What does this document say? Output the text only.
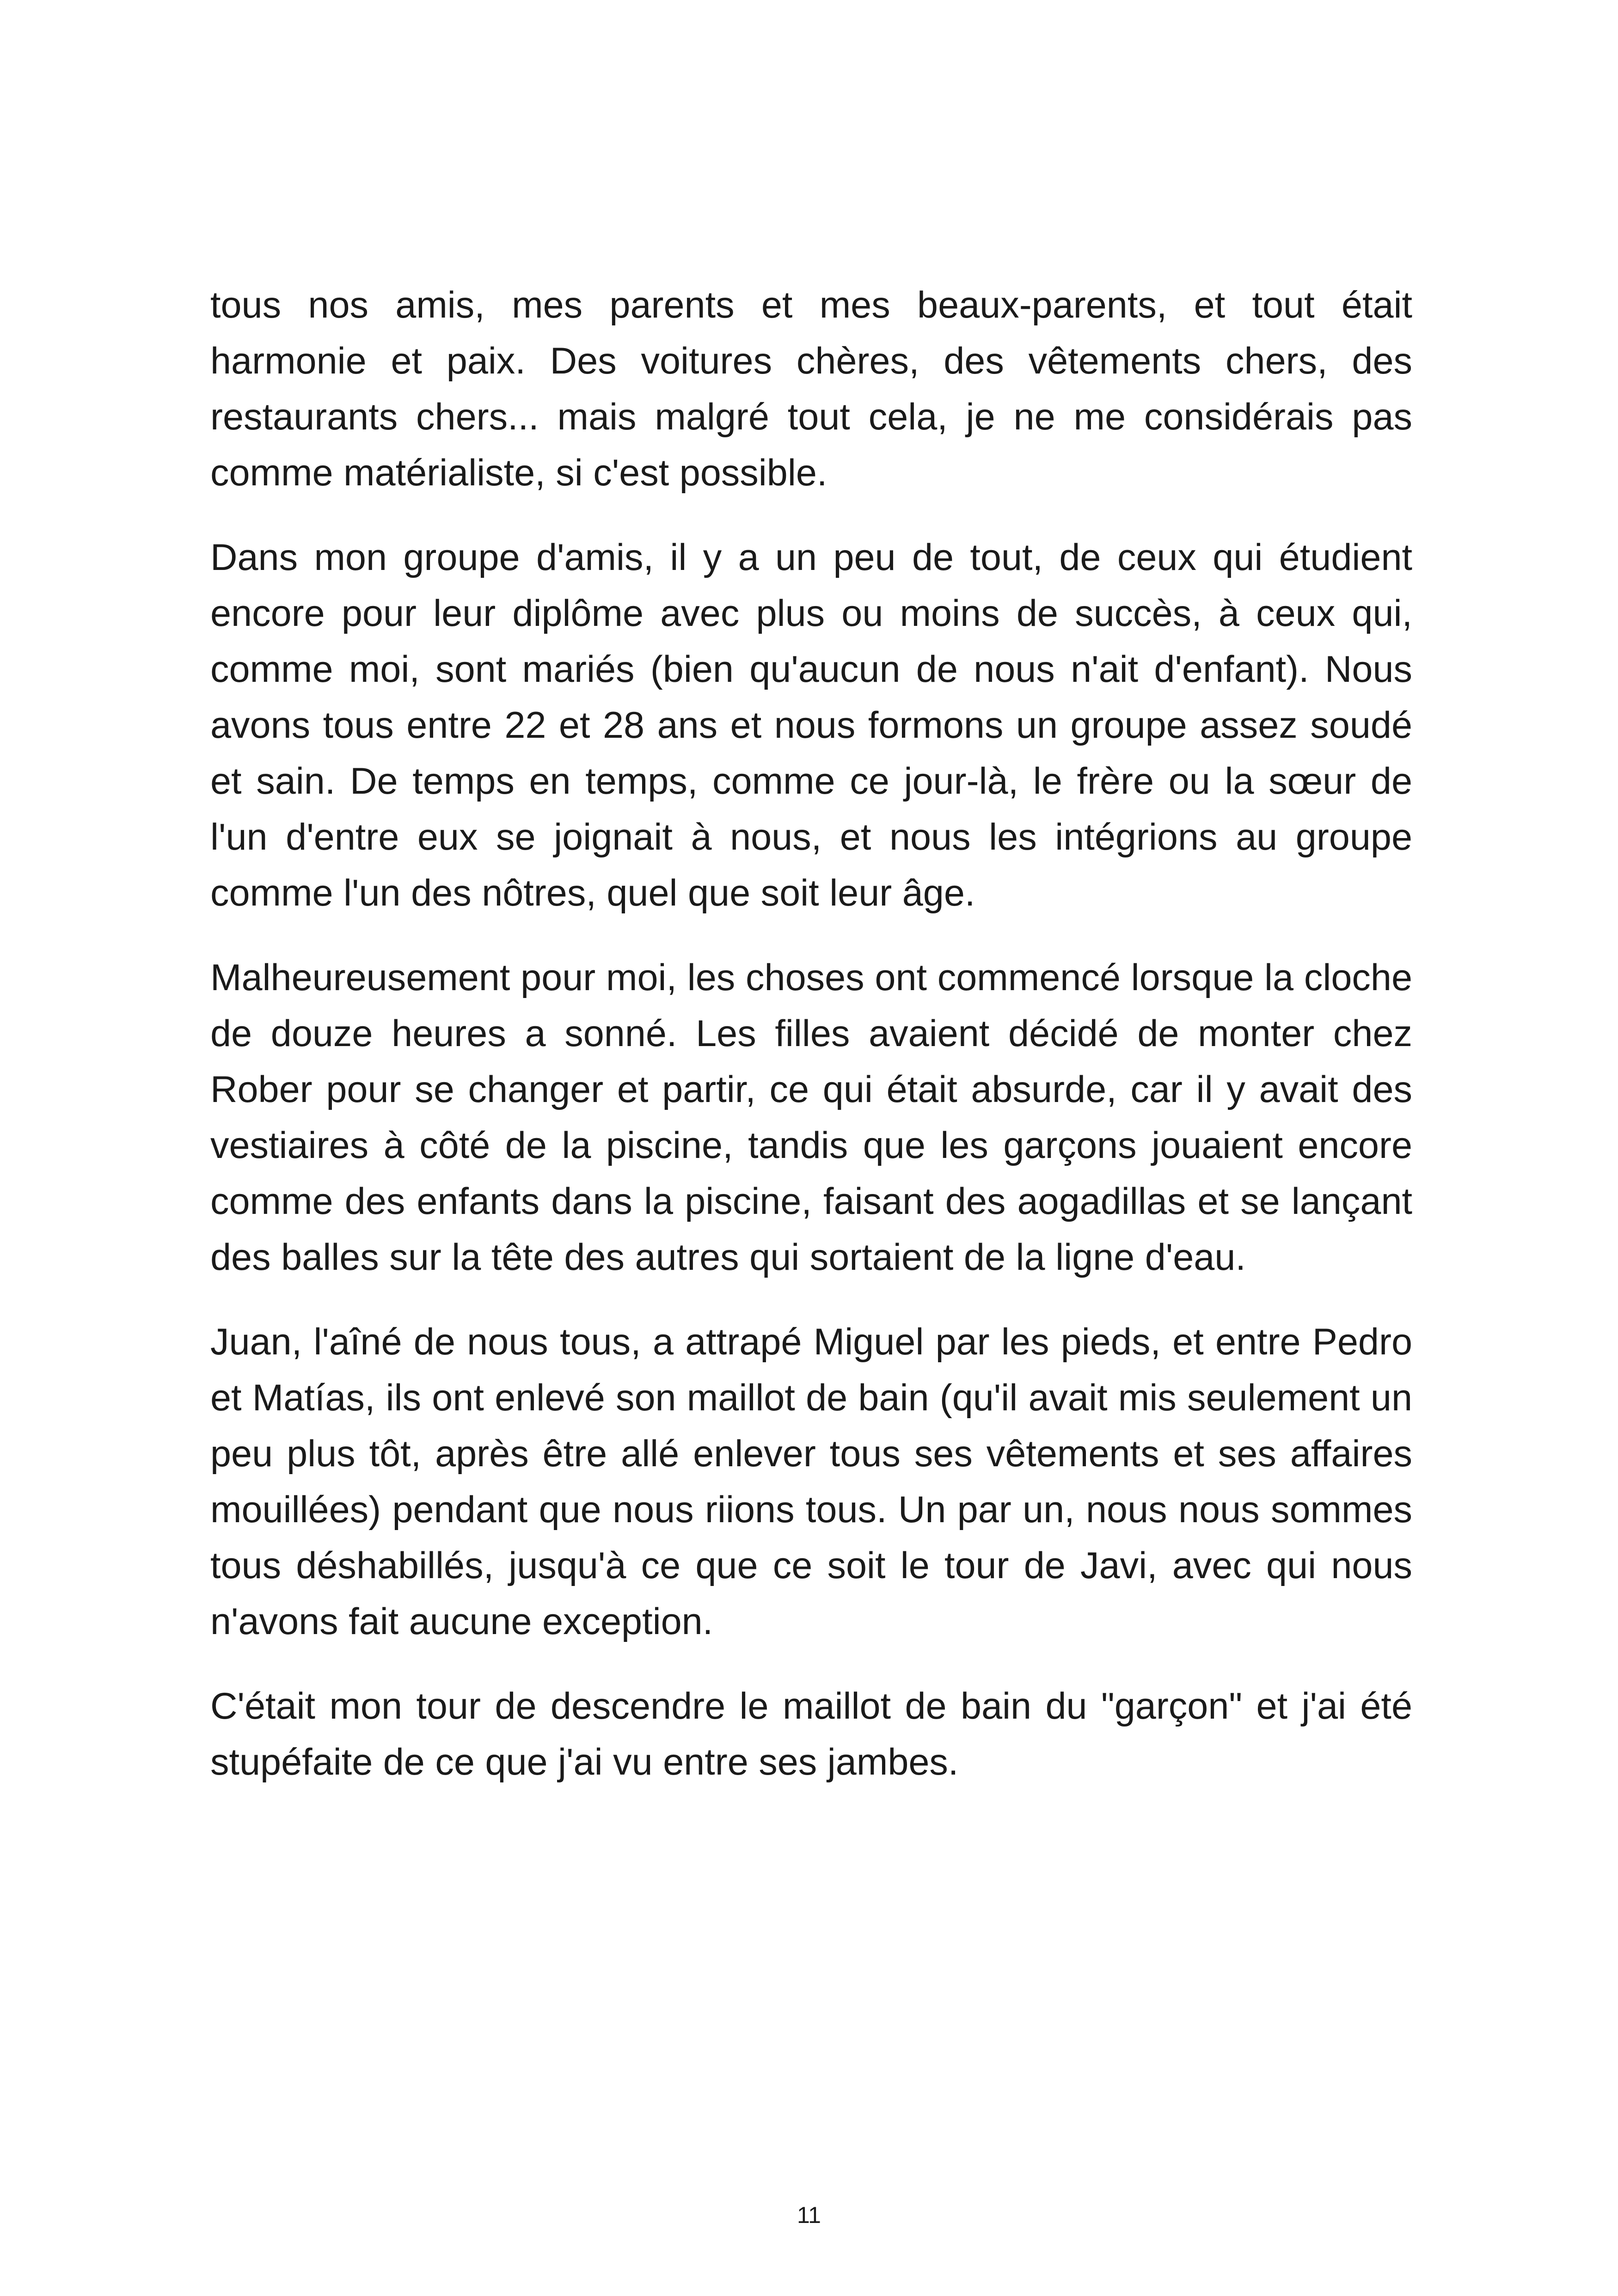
tous nos amis, mes parents et mes beaux-parents, et tout était harmonie et paix. Des voitures chères, des vêtements chers, des restaurants chers... mais malgré tout cela, je ne me considérais pas comme matérialiste, si c'est possible.

Dans mon groupe d'amis, il y a un peu de tout, de ceux qui étudient encore pour leur diplôme avec plus ou moins de succès, à ceux qui, comme moi, sont mariés (bien qu'aucun de nous n'ait d'enfant). Nous avons tous entre 22 et 28 ans et nous formons un groupe assez soudé et sain. De temps en temps, comme ce jour-là, le frère ou la sœur de l'un d'entre eux se joignait à nous, et nous les intégrions au groupe comme l'un des nôtres, quel que soit leur âge.

Malheureusement pour moi, les choses ont commencé lorsque la cloche de douze heures a sonné. Les filles avaient décidé de monter chez Rober pour se changer et partir, ce qui était absurde, car il y avait des vestiaires à côté de la piscine, tandis que les garçons jouaient encore comme des enfants dans la piscine, faisant des aogadillas et se lançant des balles sur la tête des autres qui sortaient de la ligne d'eau.

Juan, l'aîné de nous tous, a attrapé Miguel par les pieds, et entre Pedro et Matías, ils ont enlevé son maillot de bain (qu'il avait mis seulement un peu plus tôt, après être allé enlever tous ses vêtements et ses affaires mouillées) pendant que nous riions tous. Un par un, nous nous sommes tous déshabillés, jusqu'à ce que ce soit le tour de Javi, avec qui nous n'avons fait aucune exception.

C'était mon tour de descendre le maillot de bain du "garçon" et j'ai été stupéfaite de ce que j'ai vu entre ses jambes.

11
